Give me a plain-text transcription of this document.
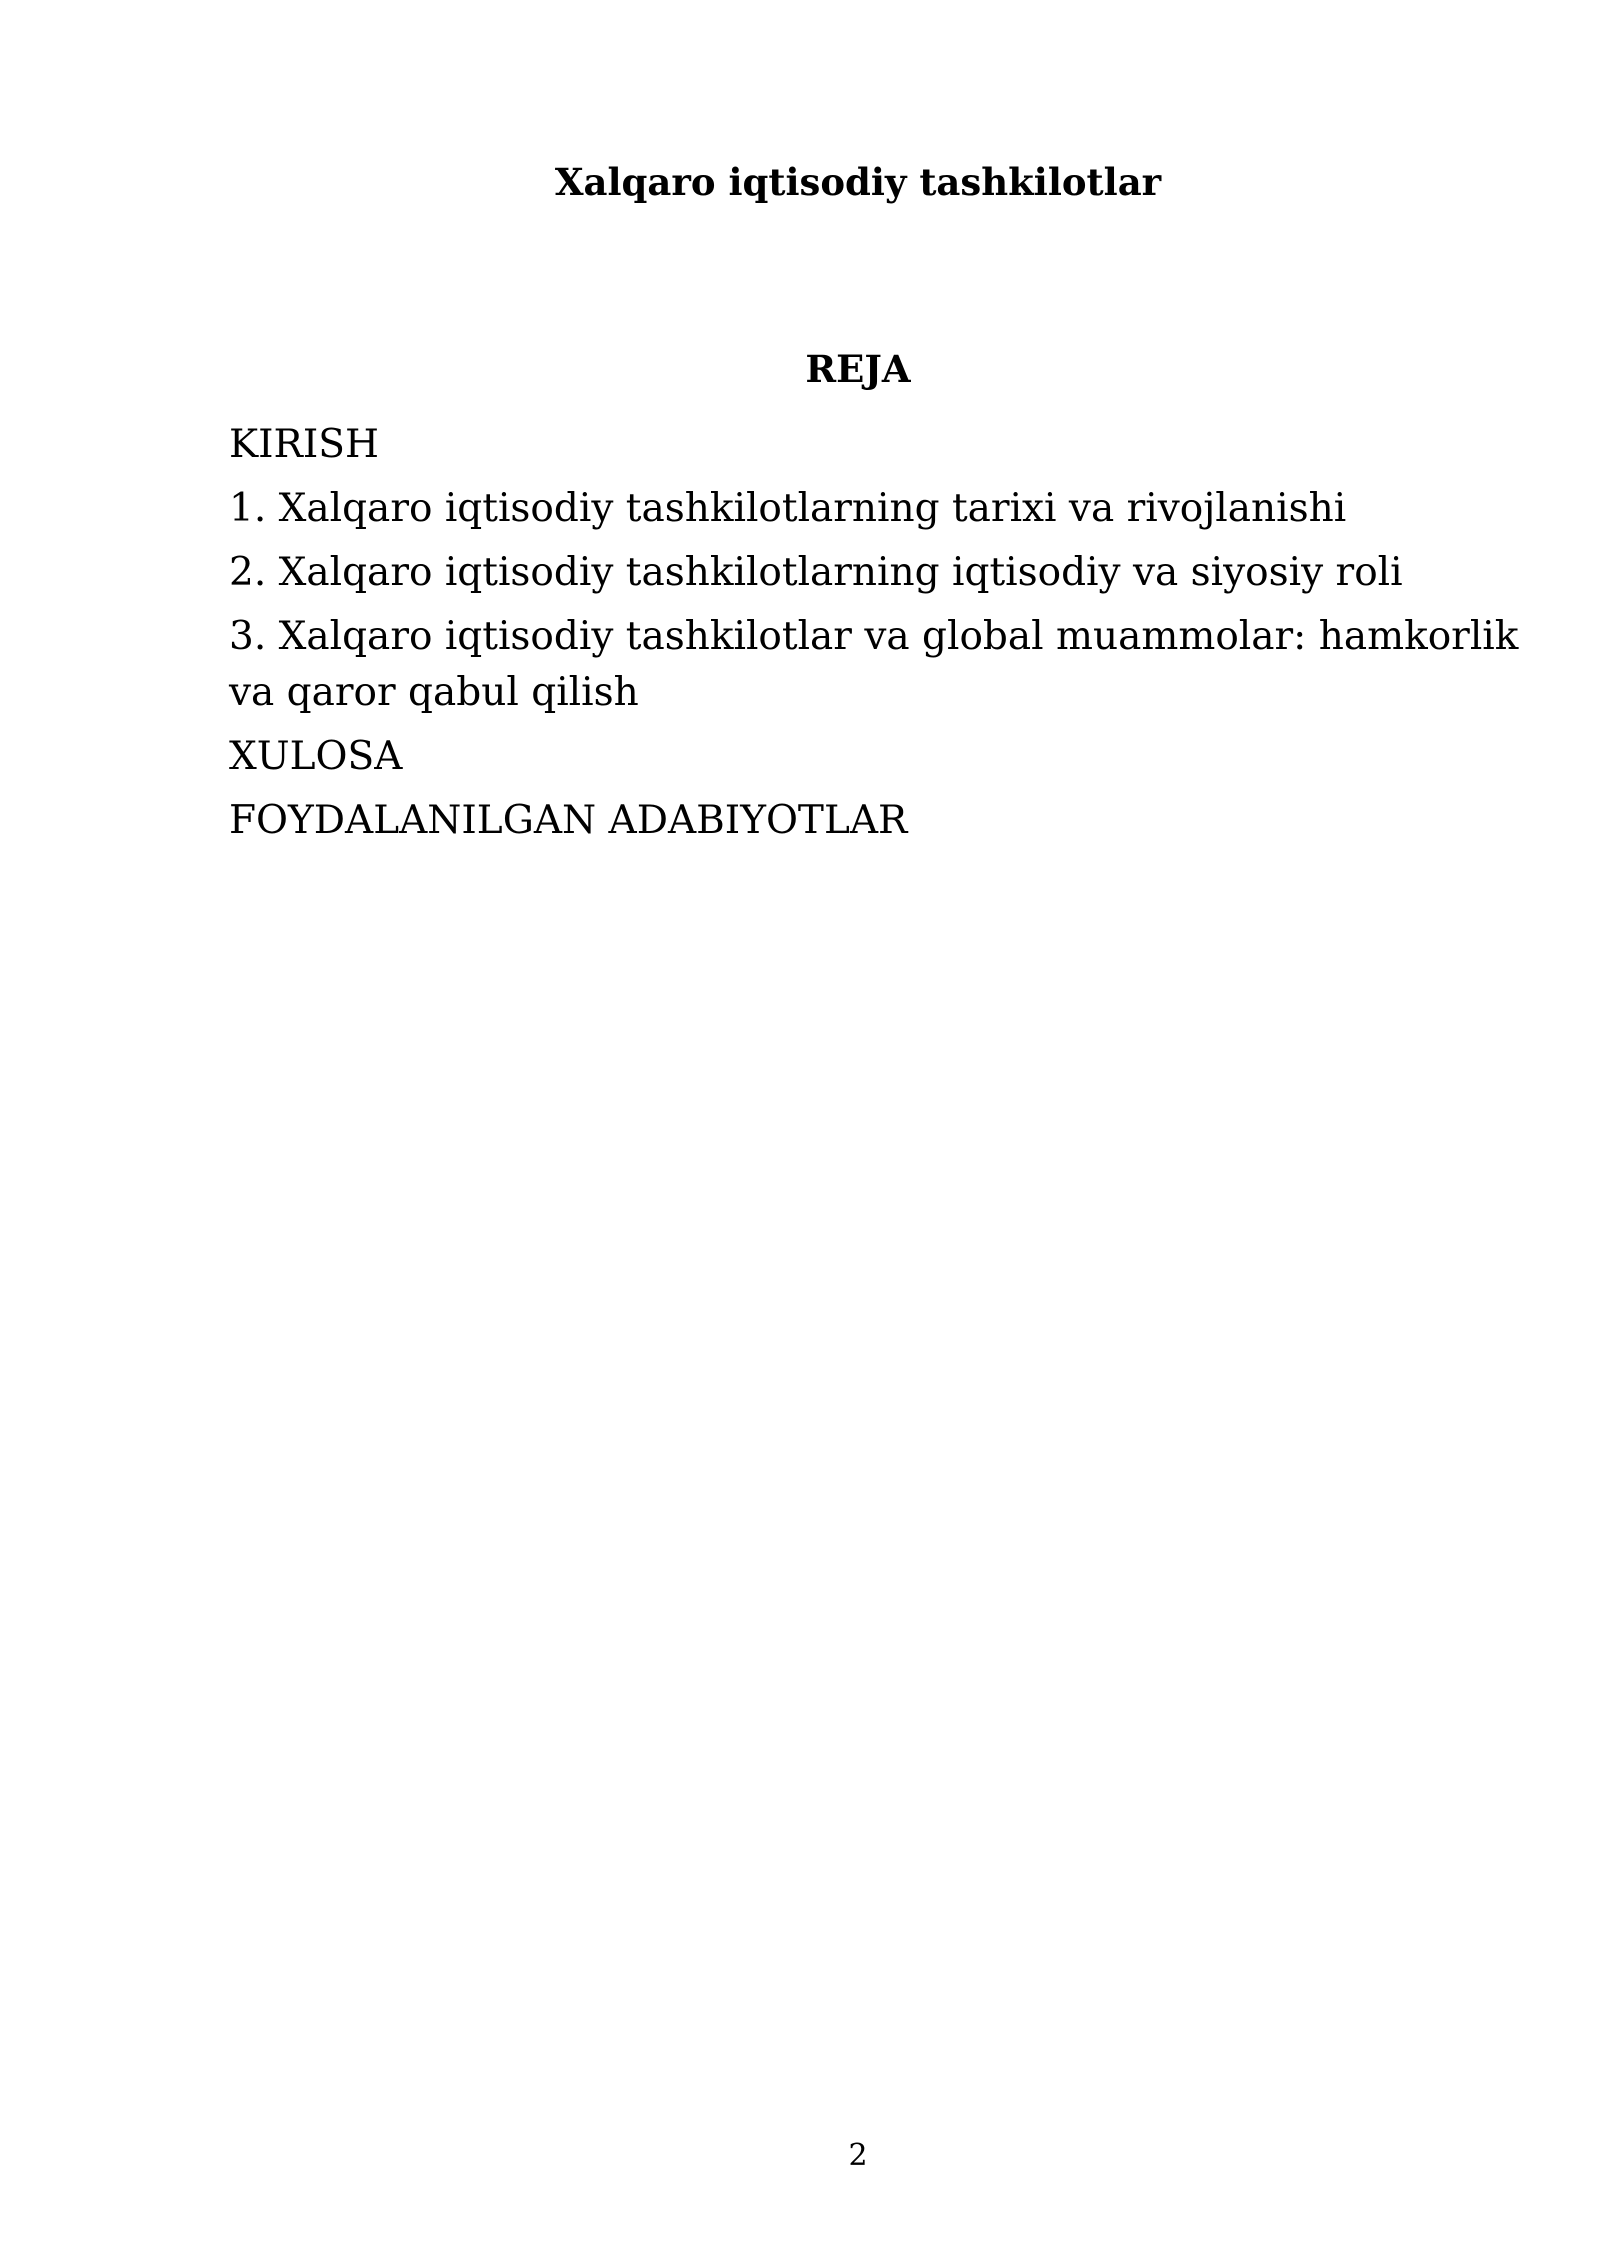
Xalqaro iqtisodiy tashkilotlar
REJA
KIRISH
1. Xalqaro iqtisodiy tashkilotlarning tarixi va rivojlanishi
2. Xalqaro iqtisodiy tashkilotlarning iqtisodiy va siyosiy roli
3. Xalqaro iqtisodiy tashkilotlar va global muammolar: hamkorlik va qaror qabul qilish
XULOSA
FOYDALANILGAN ADABIYOTLAR
2
